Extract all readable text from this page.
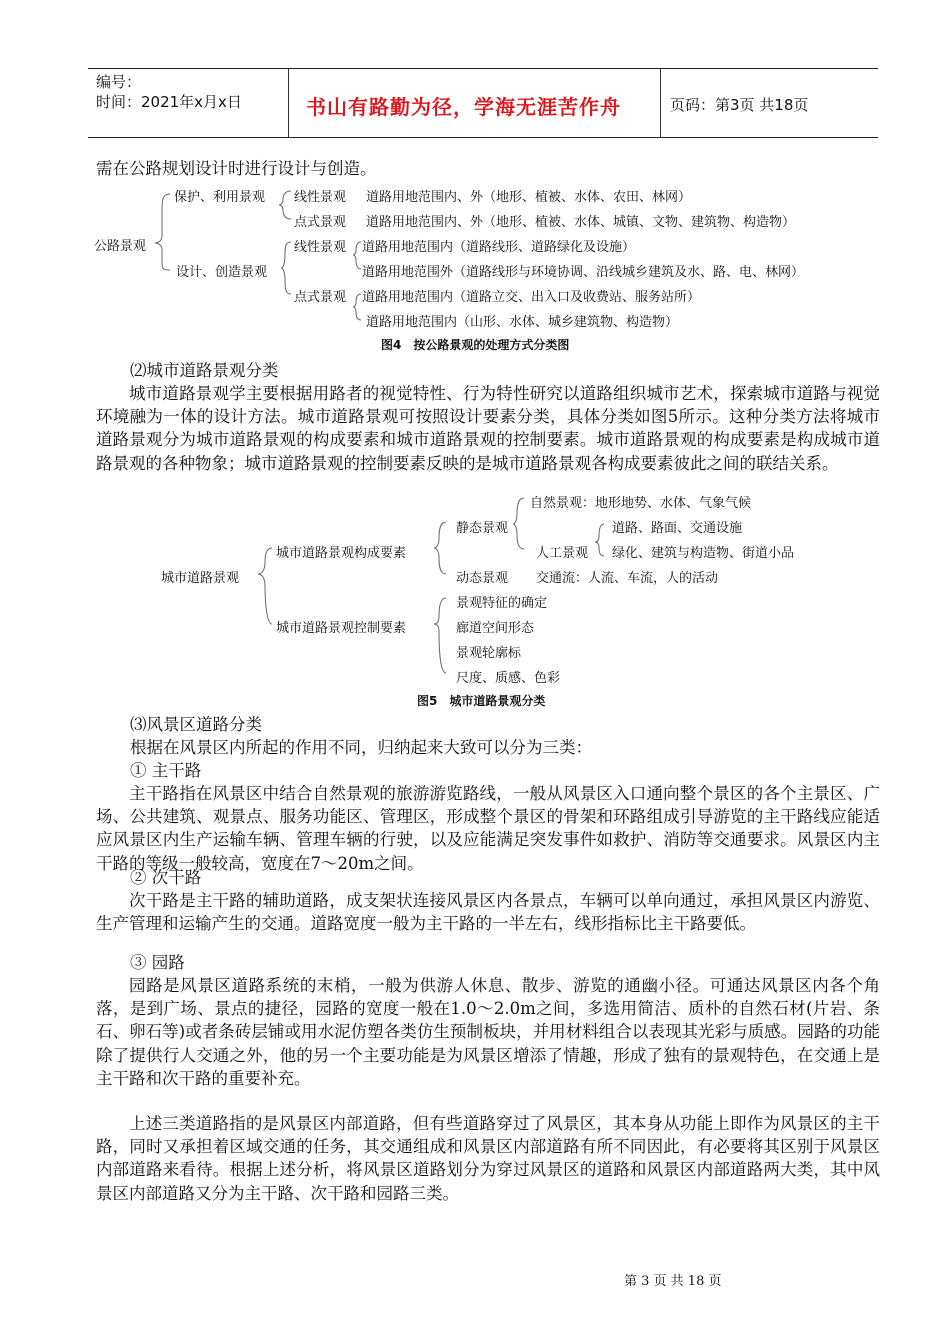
编号：
时间：2021年x月x日	书山有路勤为径，学海无涯苦作舟	页码：第3页 共18页
需在公路规划设计时进行设计与创造。
公路景观
保护、利用景观
设计、创造景观
线性景观 道路用地范围内、外（地形、植被、水体、农田、林网）
点式景观 道路用地范围内、外（地形、植被、水体、城镇、文物、建筑物、构造物）
线性景观 道路用地范围内（道路线形、道路绿化及设施）
道路用地范围外（道路线形与环境协调、沿线城乡建筑及水、路、电、林网）
点式景观 道路用地范围内（道路立交、出入口及收费站、服务站所）
道路用地范围内（山形、水体、城乡建筑物、构造物）
图4　按公路景观的处理方式分类图
⑵城市道路景观分类

城市道路景观学主要根据用路者的视觉特性、行为特性研究以道路组织城市艺术，探索城市道路与视觉环境融为一体的设计方法。城市道路景观可按照设计要素分类，具体分类如图5所示。这种分类方法将城市道路景观分为城市道路景观的构成要素和城市道路景观的控制要素。城市道路景观的构成要素是构成城市道路景观的各种物象；城市道路景观的控制要素反映的是城市道路景观各构成要素彼此之间的联结关系。

城市道路景观
城市道路景观构成要素
城市道路景观控制要素
静态景观
动态景观
自然景观：地形地势、水体、气象气候
人工景观
道路、路面、交通设施
绿化、建筑与构造物、街道小品
交通流：人流、车流，人的活动
景观特征的确定
廊道空间形态
景观轮廓标
尺度、质感、色彩
图5　城市道路景观分类
⑶风景区道路分类
根据在风景区内所起的作用不同，归纳起来大致可以分为三类：
① 主干路

主干路指在风景区中结合自然景观的旅游游览路线，一般从风景区入口通向整个景区的各个主景区、广场、公共建筑、观景点、服务功能区、管理区，形成整个景区的骨架和环路组成引导游览的主干路线应能适应风景区内生产运输车辆、管理车辆的行驶，以及应能满足突发事件如救护、消防等交通要求。风景区内主干路的等级一般较高，宽度在7～20m之间。

② 次干路

次干路是主干路的辅助道路，成支架状连接风景区内各景点，车辆可以单向通过，承担风景区内游览、生产管理和运输产生的交通。道路宽度一般为主干路的一半左右，线形指标比主干路要低。

③ 园路

园路是风景区道路系统的末梢，一般为供游人休息、散步、游览的通幽小径。可通达风景区内各个角落，是到广场、景点的捷径，园路的宽度一般在1.0～2.0m之间，多选用简洁、质朴的自然石材(片岩、条石、卵石等)或者条砖层铺或用水泥仿塑各类仿生预制板块，并用材料组合以表现其光彩与质感。园路的功能除了提供行人交通之外，他的另一个主要功能是为风景区增添了情趣，形成了独有的景观特色，在交通上是主干路和次干路的重要补充。

上述三类道路指的是风景区内部道路，但有些道路穿过了风景区，其本身从功能上即作为风景区的主干路，同时又承担着区域交通的任务，其交通组成和风景区内部道路有所不同因此，有必要将其区别于风景区内部道路来看待。根据上述分析，将风景区道路划分为穿过风景区的道路和风景区内部道路两大类，其中风景区内部道路又分为主干路、次干路和园路三类。

第 3 页 共 18 页
